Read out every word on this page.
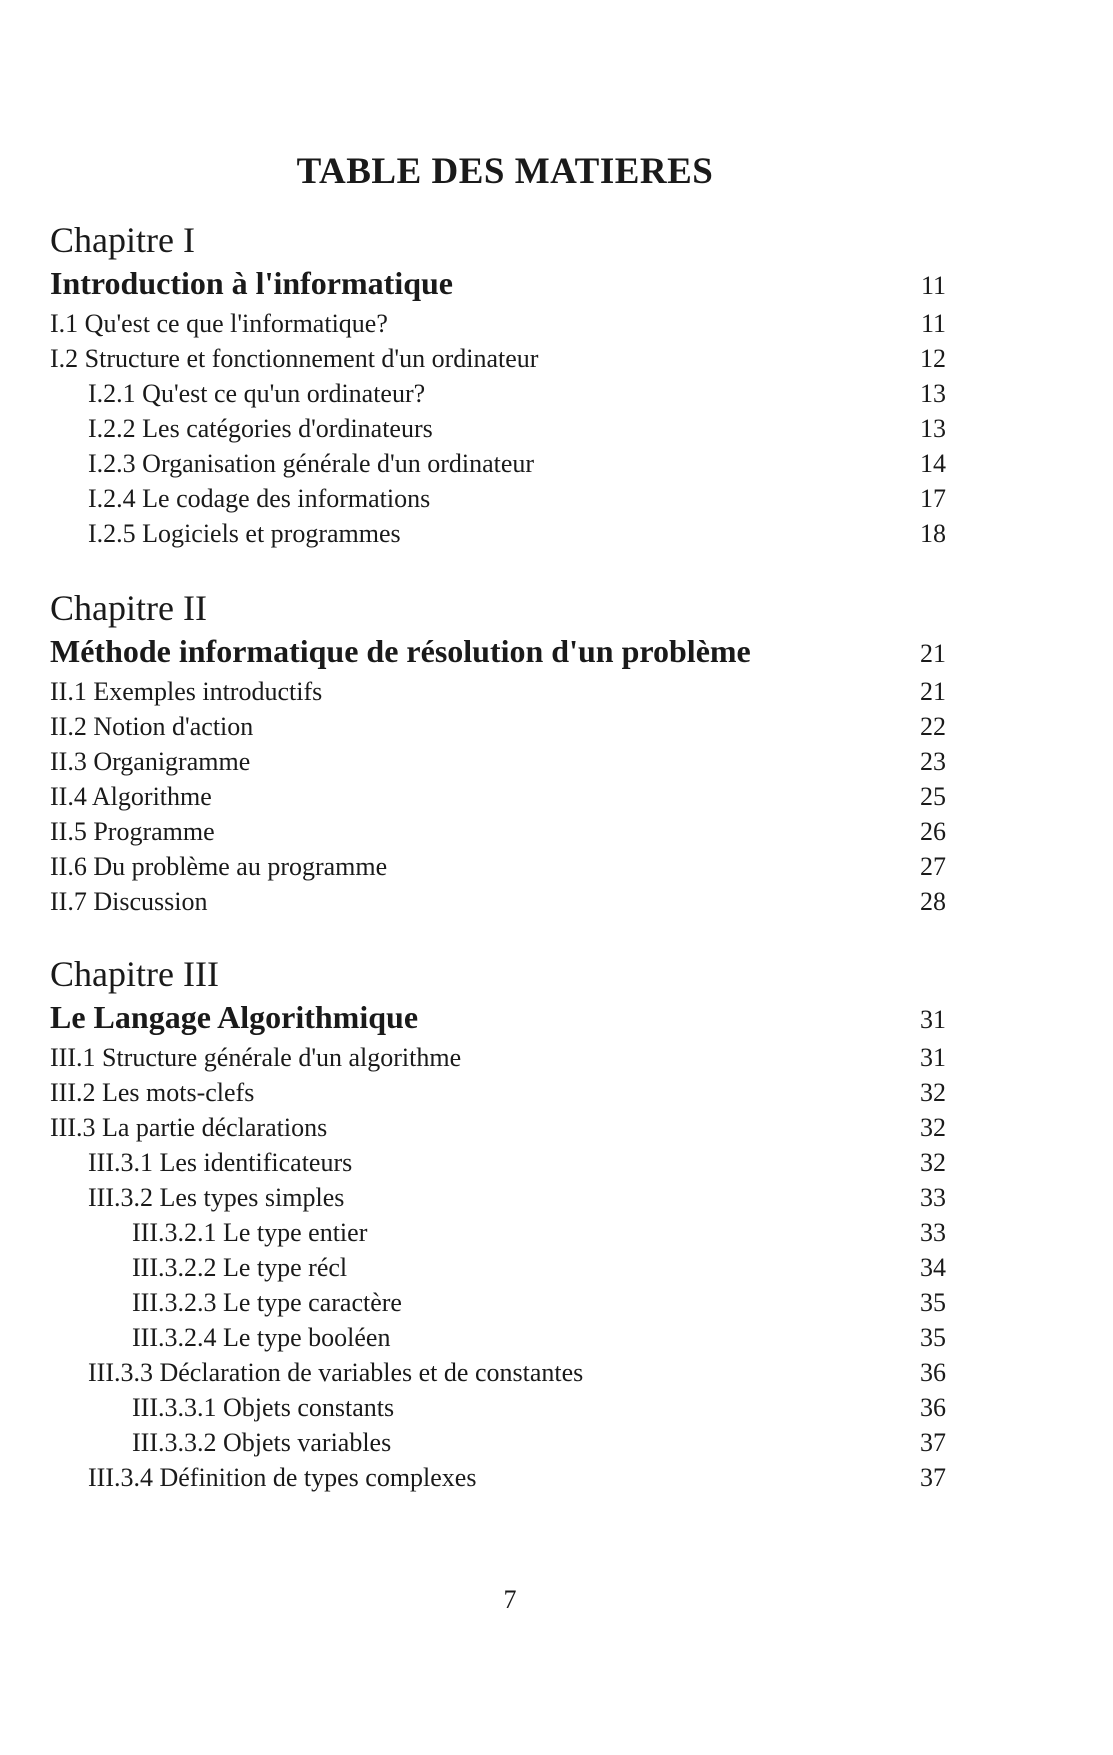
TABLE DES MATIERES
Chapitre I
Introduction à l'informatique	11
I.1 Qu'est ce que l'informatique?	11
I.2 Structure et fonctionnement d'un ordinateur	12
I.2.1 Qu'est ce qu'un ordinateur?	13
I.2.2 Les catégories d'ordinateurs	13
I.2.3 Organisation générale d'un ordinateur	14
I.2.4 Le codage des informations	17
I.2.5 Logiciels et programmes	18
Chapitre II
Méthode informatique de résolution d'un problème	21
II.1 Exemples introductifs	21
II.2 Notion d'action	22
II.3 Organigramme	23
II.4 Algorithme	25
II.5 Programme	26
II.6 Du problème au programme	27
II.7 Discussion	28
Chapitre III
Le Langage Algorithmique	31
III.1 Structure générale d'un algorithme	31
III.2 Les mots-clefs	32
III.3 La partie déclarations	32
III.3.1 Les identificateurs	32
III.3.2 Les types simples	33
III.3.2.1 Le type entier	33
III.3.2.2 Le type récl	34
III.3.2.3 Le type caractère	35
III.3.2.4 Le type booléen	35
III.3.3 Déclaration de variables et de constantes	36
III.3.3.1 Objets constants	36
III.3.3.2 Objets variables	37
III.3.4 Définition de types complexes	37
7
